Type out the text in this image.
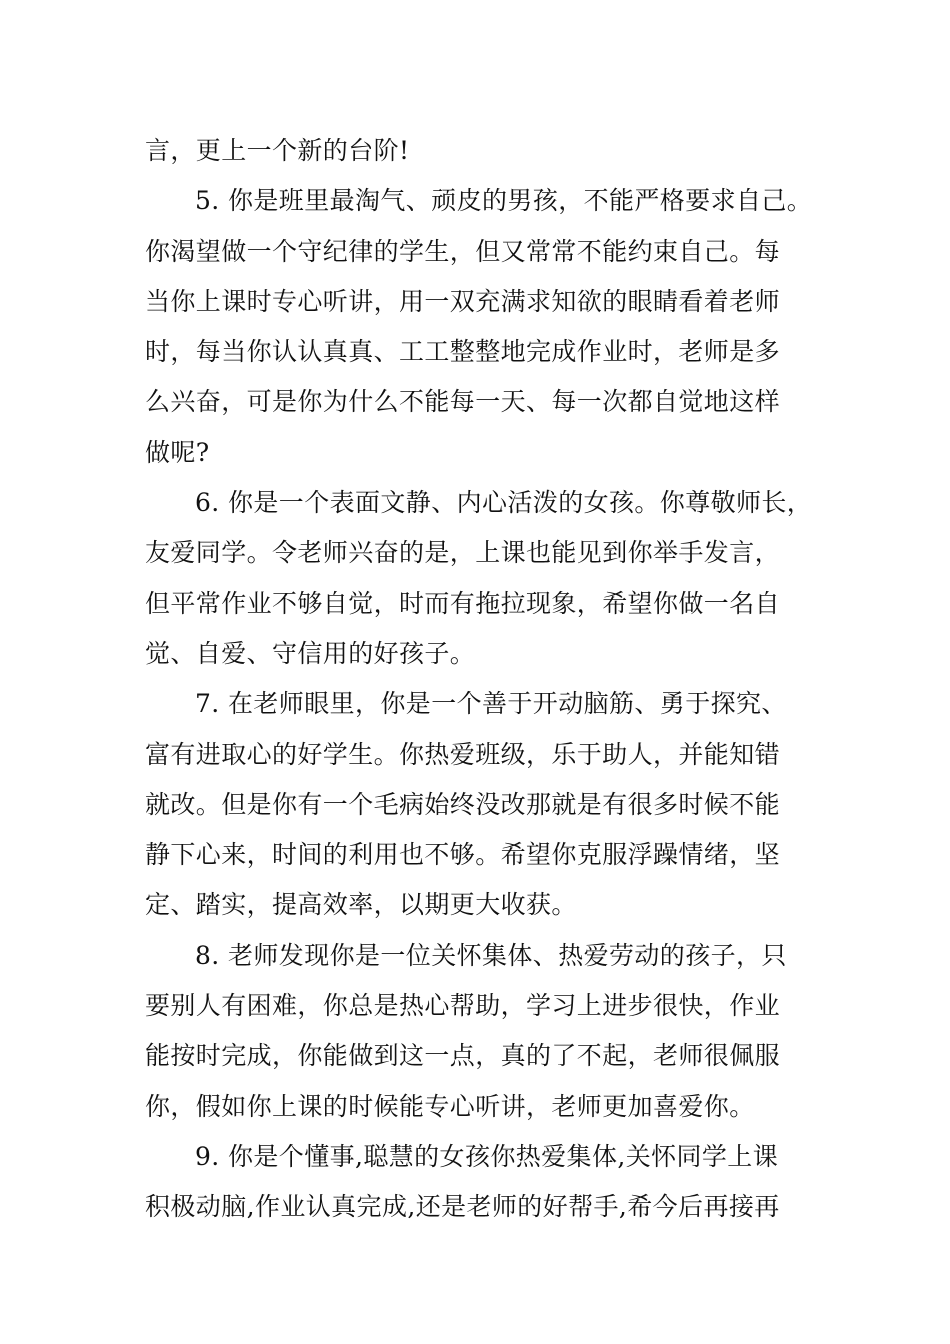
言，更上一个新的台阶!
5. 你是班里最淘气、顽皮的男孩，不能严格要求自己。
你渴望做一个守纪律的学生，但又常常不能约束自己。每
当你上课时专心听讲，用一双充满求知欲的眼睛看着老师
时，每当你认认真真、工工整整地完成作业时，老师是多
么兴奋，可是你为什么不能每一天、每一次都自觉地这样
做呢?
6. 你是一个表面文静、内心活泼的女孩。你尊敬师长，
友爱同学。令老师兴奋的是，上课也能见到你举手发言，
但平常作业不够自觉，时而有拖拉现象，希望你做一名自
觉、自爱、守信用的好孩子。
7. 在老师眼里，你是一个善于开动脑筋、勇于探究、
富有进取心的好学生。你热爱班级，乐于助人，并能知错
就改。但是你有一个毛病始终没改那就是有很多时候不能
静下心来，时间的利用也不够。希望你克服浮躁情绪，坚
定、踏实，提高效率，以期更大收获。
8. 老师发现你是一位关怀集体、热爱劳动的孩子，只
要别人有困难，你总是热心帮助，学习上进步很快，作业
能按时完成，你能做到这一点，真的了不起，老师很佩服
你，假如你上课的时候能专心听讲，老师更加喜爱你。
9. 你是个懂事,聪慧的女孩你热爱集体,关怀同学上课
积极动脑,作业认真完成,还是老师的好帮手,希今后再接再
